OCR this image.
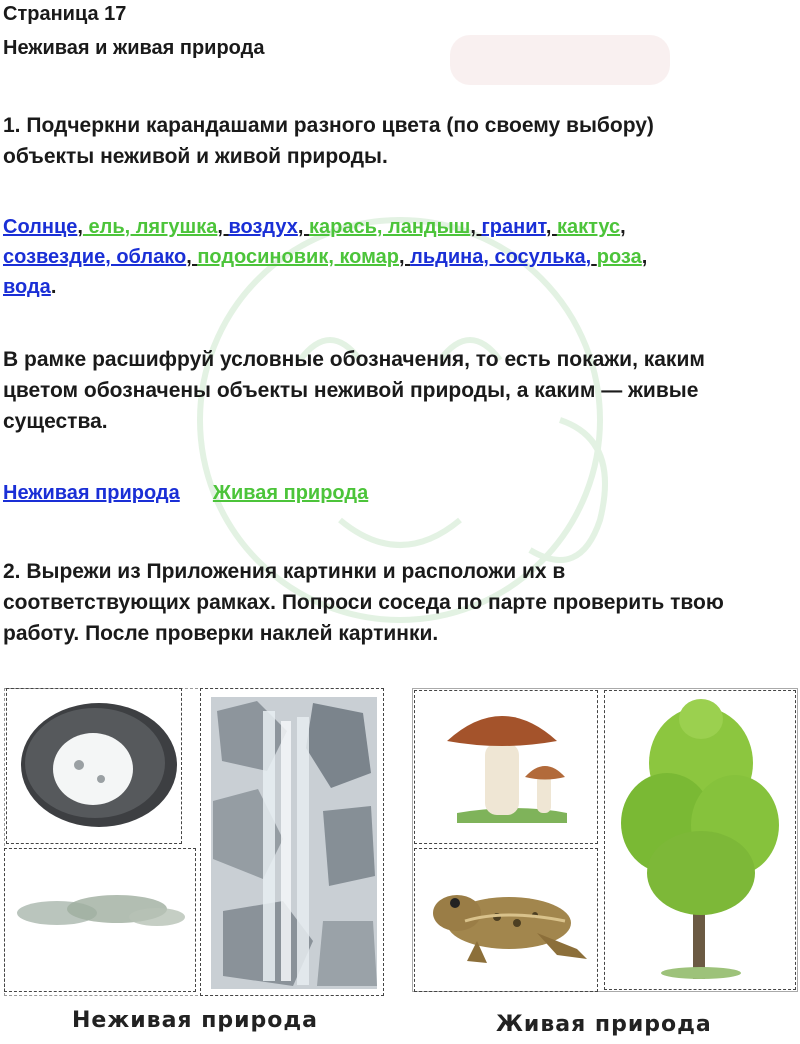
Страница 17
Неживая и живая природа
1. Подчеркни карандашами разного цвета (по своему выбору)
объекты неживой и живой природы.
Солнце, ель, лягушка, воздух, карась, ландыш, гранит, кактус,
созвездие, облако, подосиновик, комар, льдина, сосулька, роза,
вода.
В рамке расшифруй условные обозначения, то есть покажи, каким
цветом обозначены объекты неживой природы, а каким — живые
существа.
Неживая природа Живая природа
2. Вырежи из Приложения картинки и расположи их в
соответствующих рамках. Попроси соседа по парте проверить твою
работу. После проверки наклей картинки.
Неживая природа	Живая природа
